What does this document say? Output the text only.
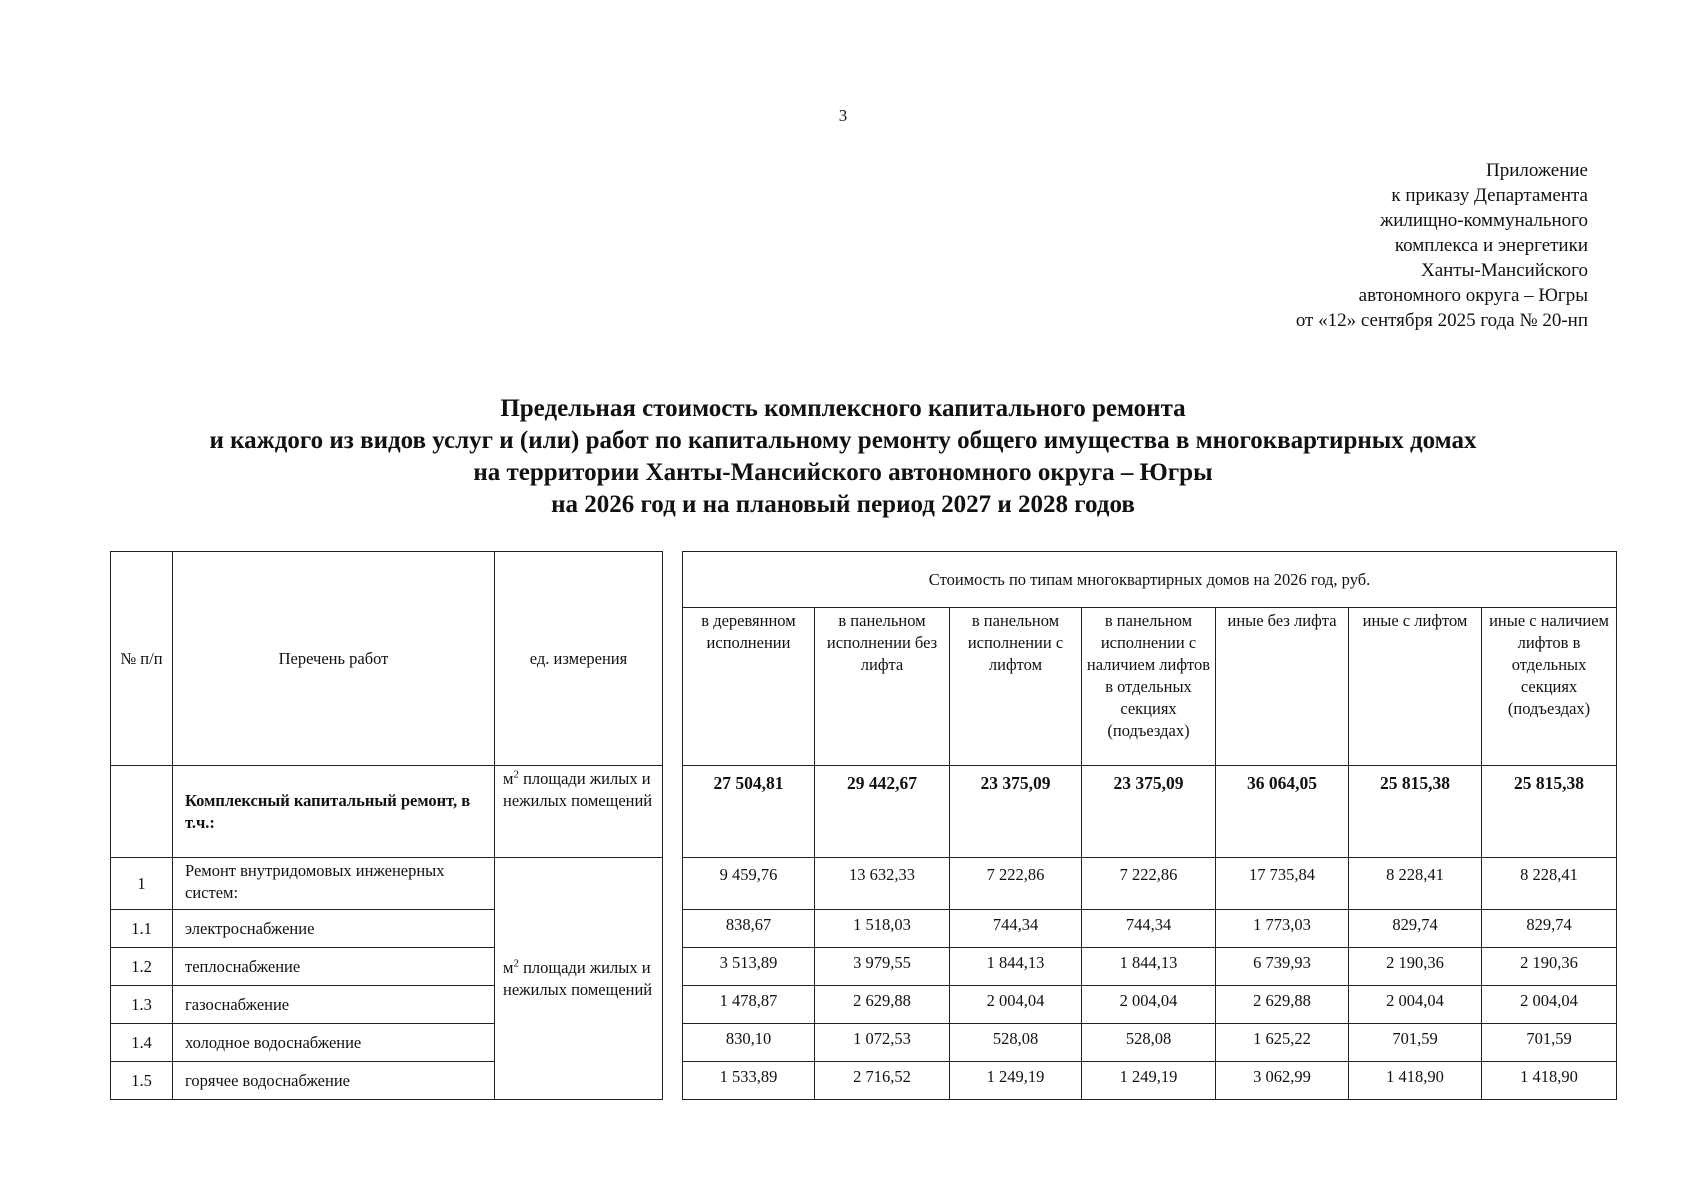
3
Приложение
к приказу Департамента
жилищно-коммунального
комплекса и энергетики
Ханты-Мансийского
автономного округа – Югры
от «12» сентября 2025 года № 20-нп
Предельная стоимость комплексного капитального ремонта
и каждого из видов услуг и (или) работ по капитальному ремонту общего имущества в многоквартирных домах
на территории Ханты-Мансийского автономного округа – Югры
на 2026 год и на плановый период 2027 и 2028 годов
№ п/п	Перечень работ	ед. измерения		Стоимость по типам многоквартирных домов на 2026 год, руб.						
				в деревянном исполнении	в панельном исполнении без лифта	в панельном исполнении с лифтом	в панельном исполнении с наличием лифтов в отдельных секциях (подъездах)	иные без лифта	иные с лифтом	иные с наличием лифтов в отдельных секциях (подъездах)
	Комплексный капитальный ремонт, в т.ч.:	$м^2$ площади жилых и нежилых помещений		27 504,81	29 442,67	23 375,09	23 375,09	36 064,05	25 815,38	25 815,38
1	Ремонт внутридомовых инженерных систем:	$м^2$ площади жилых и нежилых помещений		9 459,76	13 632,33	7 222,86	7 222,86	17 735,84	8 228,41	8 228,41
1.1	электроснабжение			838,67	1 518,03	744,34	744,34	1 773,03	829,74	829,74
1.2	теплоснабжение			3 513,89	3 979,55	1 844,13	1 844,13	6 739,93	2 190,36	2 190,36
1.3	газоснабжение			1 478,87	2 629,88	2 004,04	2 004,04	2 629,88	2 004,04	2 004,04
1.4	холодное водоснабжение			830,10	1 072,53	528,08	528,08	1 625,22	701,59	701,59
1.5	горячее водоснабжение			1 533,89	2 716,52	1 249,19	1 249,19	3 062,99	1 418,90	1 418,90
